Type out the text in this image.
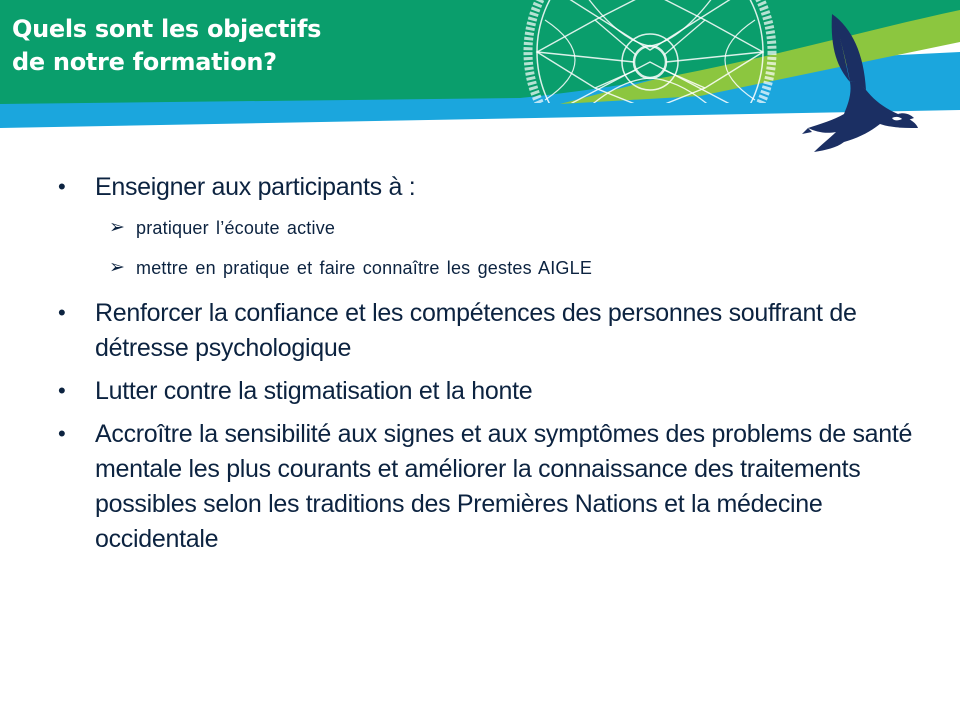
Quels sont les objectifs
de notre formation?
• Enseigner aux participants à :
➢ pratiquer l’écoute active
➢ mettre en pratique et faire connaître les gestes AIGLE
• Renforcer la confiance et les compétences des personnes souffrant de détresse psychologique
• Lutter contre la stigmatisation et la honte
• Accroître la sensibilité aux signes et aux symptômes des problems de santé mentale les plus courants et améliorer la connaissance des traitements possibles selon les traditions des Premières Nations et la médecine occidentale
